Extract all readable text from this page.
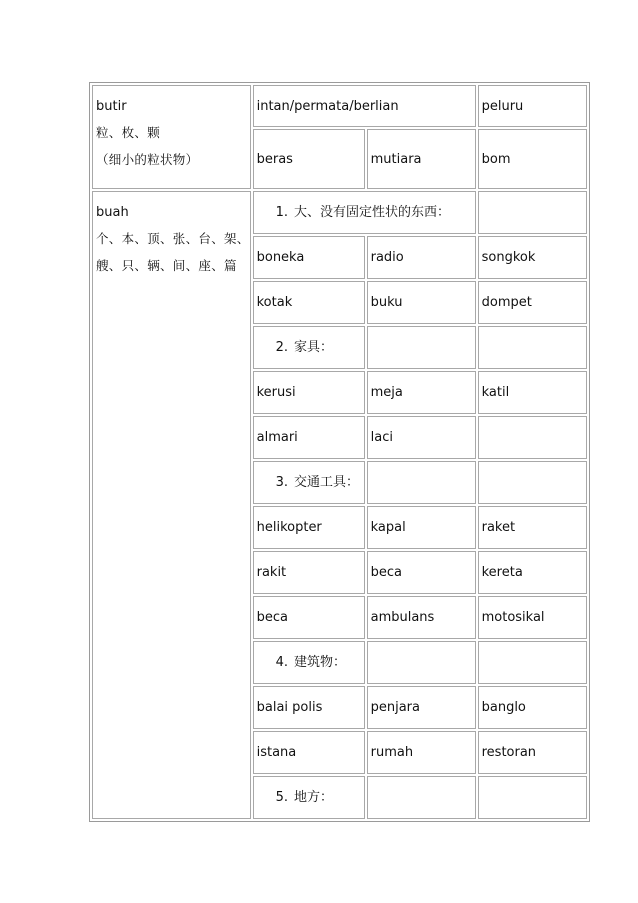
butir
粒、枚、颗
（细小的粒状物）	intan/permata/berlian		peluru
	beras	mutiara	bom

buah
个、本、顶、张、台、架、
艘、只、辆、间、座、篇	1. 大、没有固定性状的东西：		
	boneka	radio	songkok
	kotak	buku	dompet
	2. 家具：		
	kerusi	meja	katil
	almari	laci	
	3. 交通工具：		
	helikopter	kapal	raket
	rakit	beca	kereta
	beca	ambulans	motosikal
	4. 建筑物：		
	balai polis	penjara	banglo
	istana	rumah	restoran
	5. 地方：		
